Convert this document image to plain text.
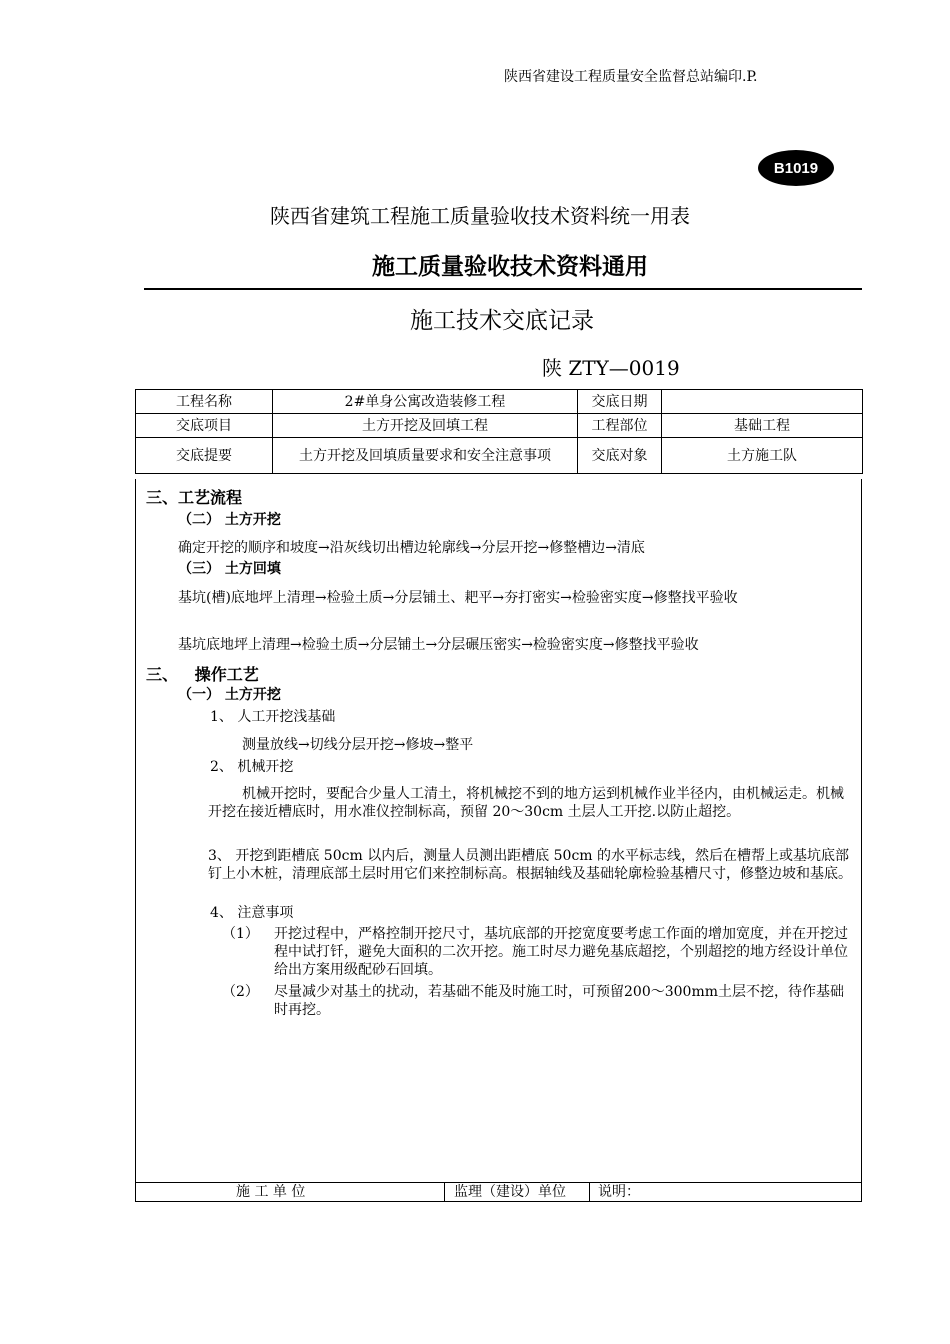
陕西省建设工程质量安全监督总站编印.P.
B1019
陕西省建筑工程施工质量验收技术资料统一用表
施工质量验收技术资料通用
施工技术交底记录
陕 ZTY—0019
工程名称	2#单身公寓改造装修工程	交底日期	
交底项目	土方开挖及回填工程	工程部位	基础工程
交底提要	土方开挖及回填质量要求和安全注意事项	交底对象	土方施工队
三、工艺流程
（二） 土方开挖
确定开挖的顺序和坡度→沿灰线切出槽边轮廓线→分层开挖→修整槽边→清底
（三） 土方回填
基坑(槽)底地坪上清理→检验土质→分层铺土、耙平→夯打密实→检验密实度→修整找平验收
基坑底地坪上清理→检验土质→分层铺土→分层碾压密实→检验密实度→修整找平验收
三、   操作工艺
（一） 土方开挖
1、 人工开挖浅基础
测量放线→切线分层开挖→修坡→整平
2、 机械开挖
机械开挖时，要配合少量人工清土，将机械挖不到的地方运到机械作业半径内，由机械运走。机械开挖在接近槽底时，用水准仪控制标高，预留 20～30cm 土层人工开挖.以防止超挖。
3、 开挖到距槽底 50cm 以内后，测量人员测出距槽底 50cm 的水平标志线，然后在槽帮上或基坑底部钉上小木桩，清理底部土层时用它们来控制标高。根据轴线及基础轮廓检验基槽尺寸，修整边坡和基底。
4、 注意事项
（1） 开挖过程中，严格控制开挖尺寸，基坑底部的开挖宽度要考虑工作面的增加宽度，并在开挖过程中试打钎，避免大面积的二次开挖。施工时尽力避免基底超挖，个别超挖的地方经设计单位给出方案用级配砂石回填。
（2） 尽量减少对基土的扰动，若基础不能及时施工时，可预留200～300mm土层不挖，待作基础时再挖。
施 工 单 位	监理（建设）单位 说明：
